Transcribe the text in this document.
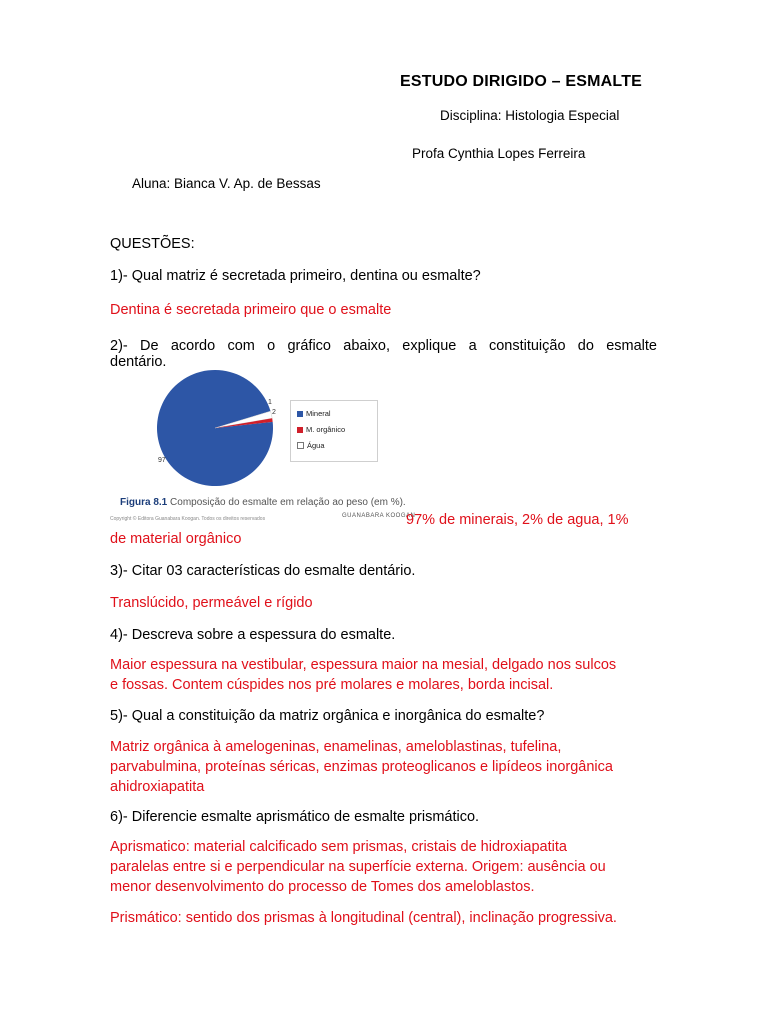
ESTUDO DIRIGIDO – ESMALTE
Disciplina: Histologia Especial
Profa Cynthia Lopes Ferreira
Aluna: Bianca V. Ap. de Bessas
QUESTÕES:
1)- Qual matriz é secretada primeiro, dentina ou esmalte?
Dentina é secretada primeiro que o esmalte
2)- De acordo com o gráfico abaixo, explique a constituição do esmalte
dentário.
97
1
2	Mineral
M. orgânico
Água
Figura 8.1 Composição do esmalte em relação ao peso (em %).
Copyright © Editora Guanabara Koogan. Todos os direitos reservados	GUANABARA KOOGAN
97% de minerais, 2% de agua, 1%
de material orgânico
3)- Citar 03 características do esmalte dentário.
Translúcido, permeável e rígido
4)- Descreva sobre a espessura do esmalte.
Maior espessura na vestibular, espessura maior na mesial, delgado nos sulcos
e fossas. Contem cúspides nos pré molares e molares, borda incisal.
5)- Qual a constituição da matriz orgânica e inorgânica do esmalte?
Matriz orgânica à amelogeninas, enamelinas, ameloblastinas, tufelina,
parvabulmina, proteínas séricas, enzimas proteoglicanos e lipídeos inorgânica
ahidroxiapatita
6)- Diferencie esmalte aprismático de esmalte prismático.
Aprismatico: material calcificado sem prismas, cristais de hidroxiapatita
paralelas entre si e perpendicular na superfície externa. Origem: ausência ou
menor desenvolvimento do processo de Tomes dos ameloblastos.
Prismático: sentido dos prismas à longitudinal (central), inclinação progressiva.
